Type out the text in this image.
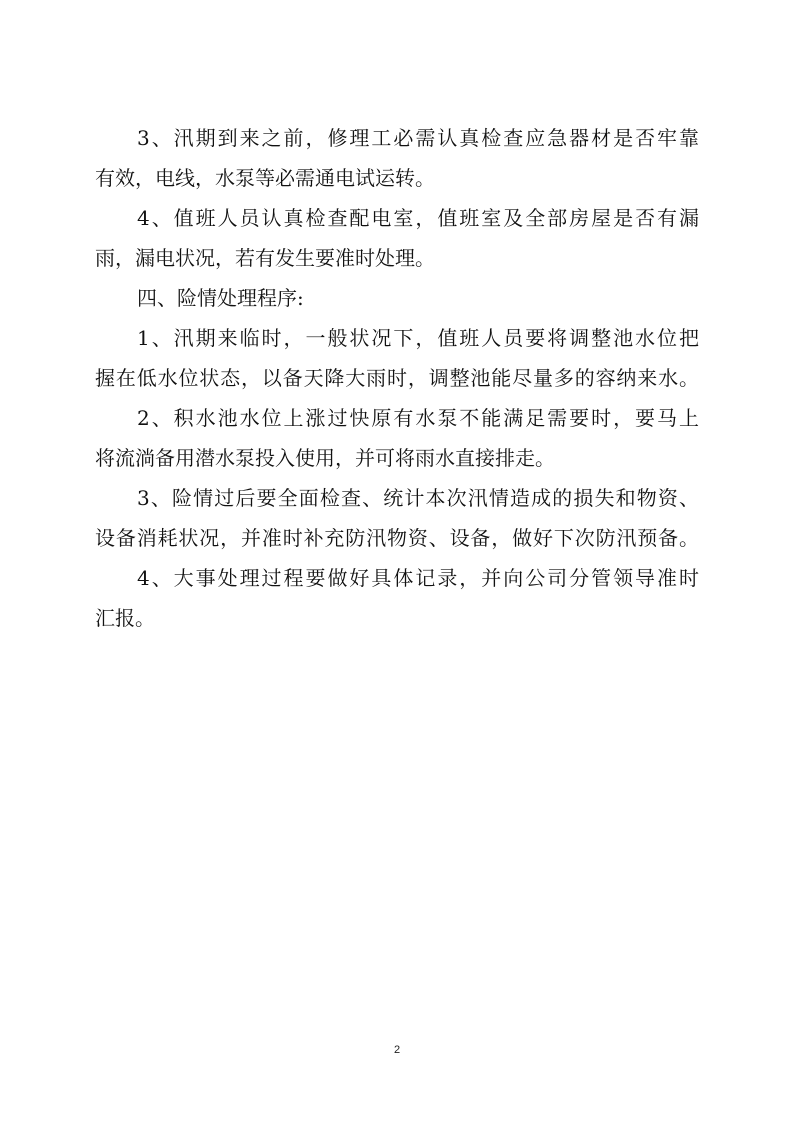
3、汛期到来之前，修理工必需认真检查应急器材是否牢靠
有效，电线，水泵等必需通电试运转。
4、值班人员认真检查配电室，值班室及全部房屋是否有漏
雨，漏电状况，若有发生要准时处理。
四、险情处理程序:
1、汛期来临时，一般状况下，值班人员要将调整池水位把
握在低水位状态，以备天降大雨时，调整池能尽量多的容纳来水。
2、积水池水位上涨过快原有水泵不能满足需要时，要马上
将流淌备用潜水泵投入使用，并可将雨水直接排走。
3、险情过后要全面检查、统计本次汛情造成的损失和物资、
设备消耗状况，并准时补充防汛物资、设备，做好下次防汛预备。
4、大事处理过程要做好具体记录，并向公司分管领导准时
汇报。
2
